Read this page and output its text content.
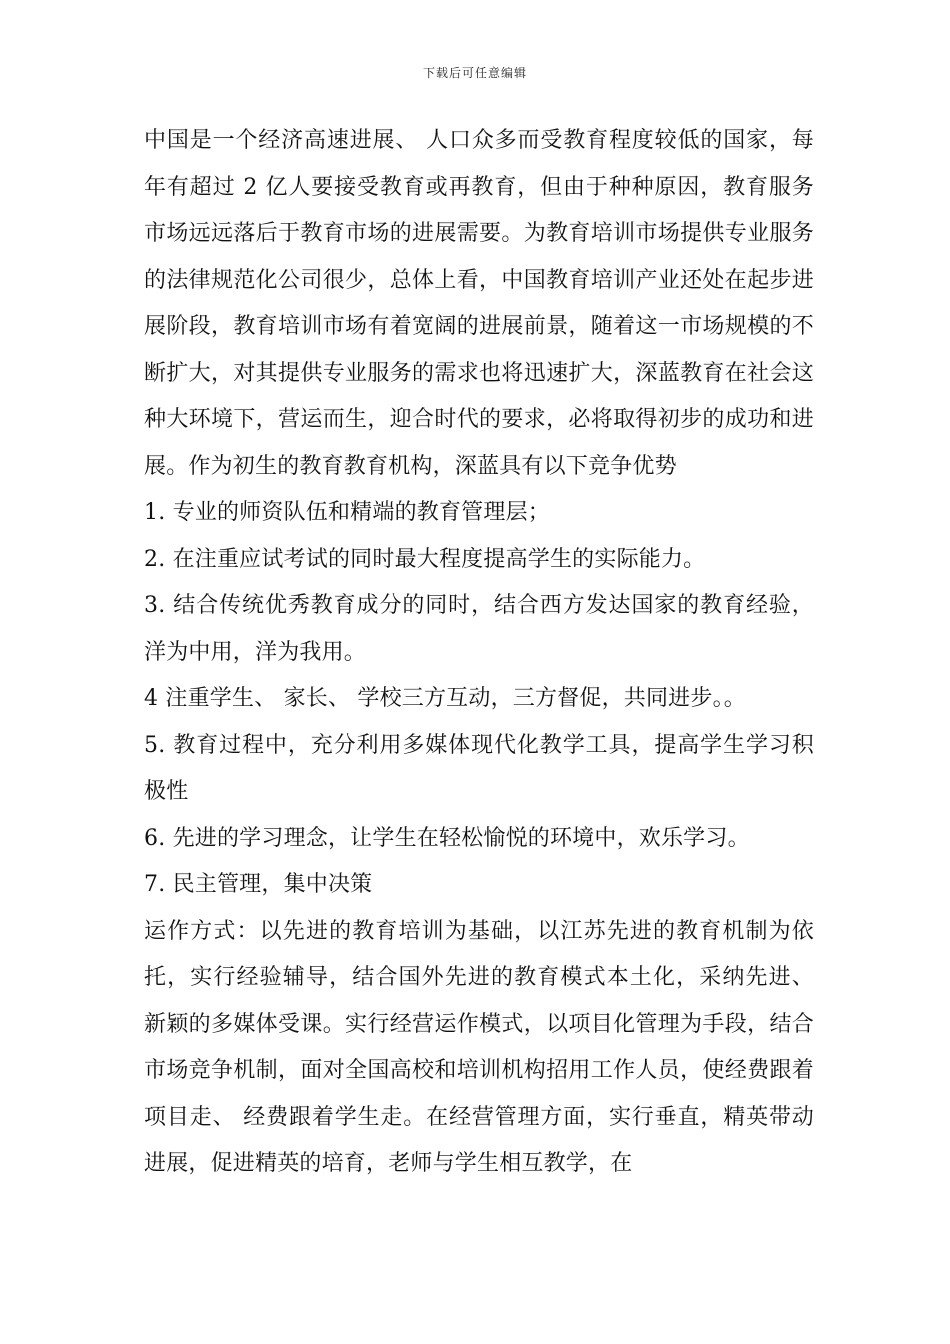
下载后可任意编辑

中国是一个经济高速进展、 人口众多而受教育程度较低的国家，每年有超过 2 亿人要接受教育或再教育，但由于种种原因，教育服务市场远远落后于教育市场的进展需要。为教育培训市场提供专业服务的法律规范化公司很少，总体上看，中国教育培训产业还处在起步进展阶段，教育培训市场有着宽阔的进展前景，随着这一市场规模的不断扩大，对其提供专业服务的需求也将迅速扩大，深蓝教育在社会这种大环境下，营运而生，迎合时代的要求，必将取得初步的成功和进展。作为初生的教育教育机构，深蓝具有以下竞争优势

1. 专业的师资队伍和精端的教育管理层；

2. 在注重应试考试的同时最大程度提高学生的实际能力。

3. 结合传统优秀教育成分的同时，结合西方发达国家的教育经验，洋为中用，洋为我用。

4 注重学生、 家长、 学校三方互动，三方督促，共同进步。。

5. 教育过程中，充分利用多媒体现代化教学工具，提高学生学习积极性

6. 先进的学习理念，让学生在轻松愉悦的环境中，欢乐学习。

7. 民主管理，集中决策

运作方式：以先进的教育培训为基础，以江苏先进的教育机制为依托，实行经验辅导，结合国外先进的教育模式本土化，采纳先进、 新颖的多媒体受课。实行经营运作模式，以项目化管理为手段，结合市场竞争机制，面对全国高校和培训机构招用工作人员，使经费跟着项目走、 经费跟着学生走。在经营管理方面，实行垂直，精英带动进展，促进精英的培育，老师与学生相互教学，在
